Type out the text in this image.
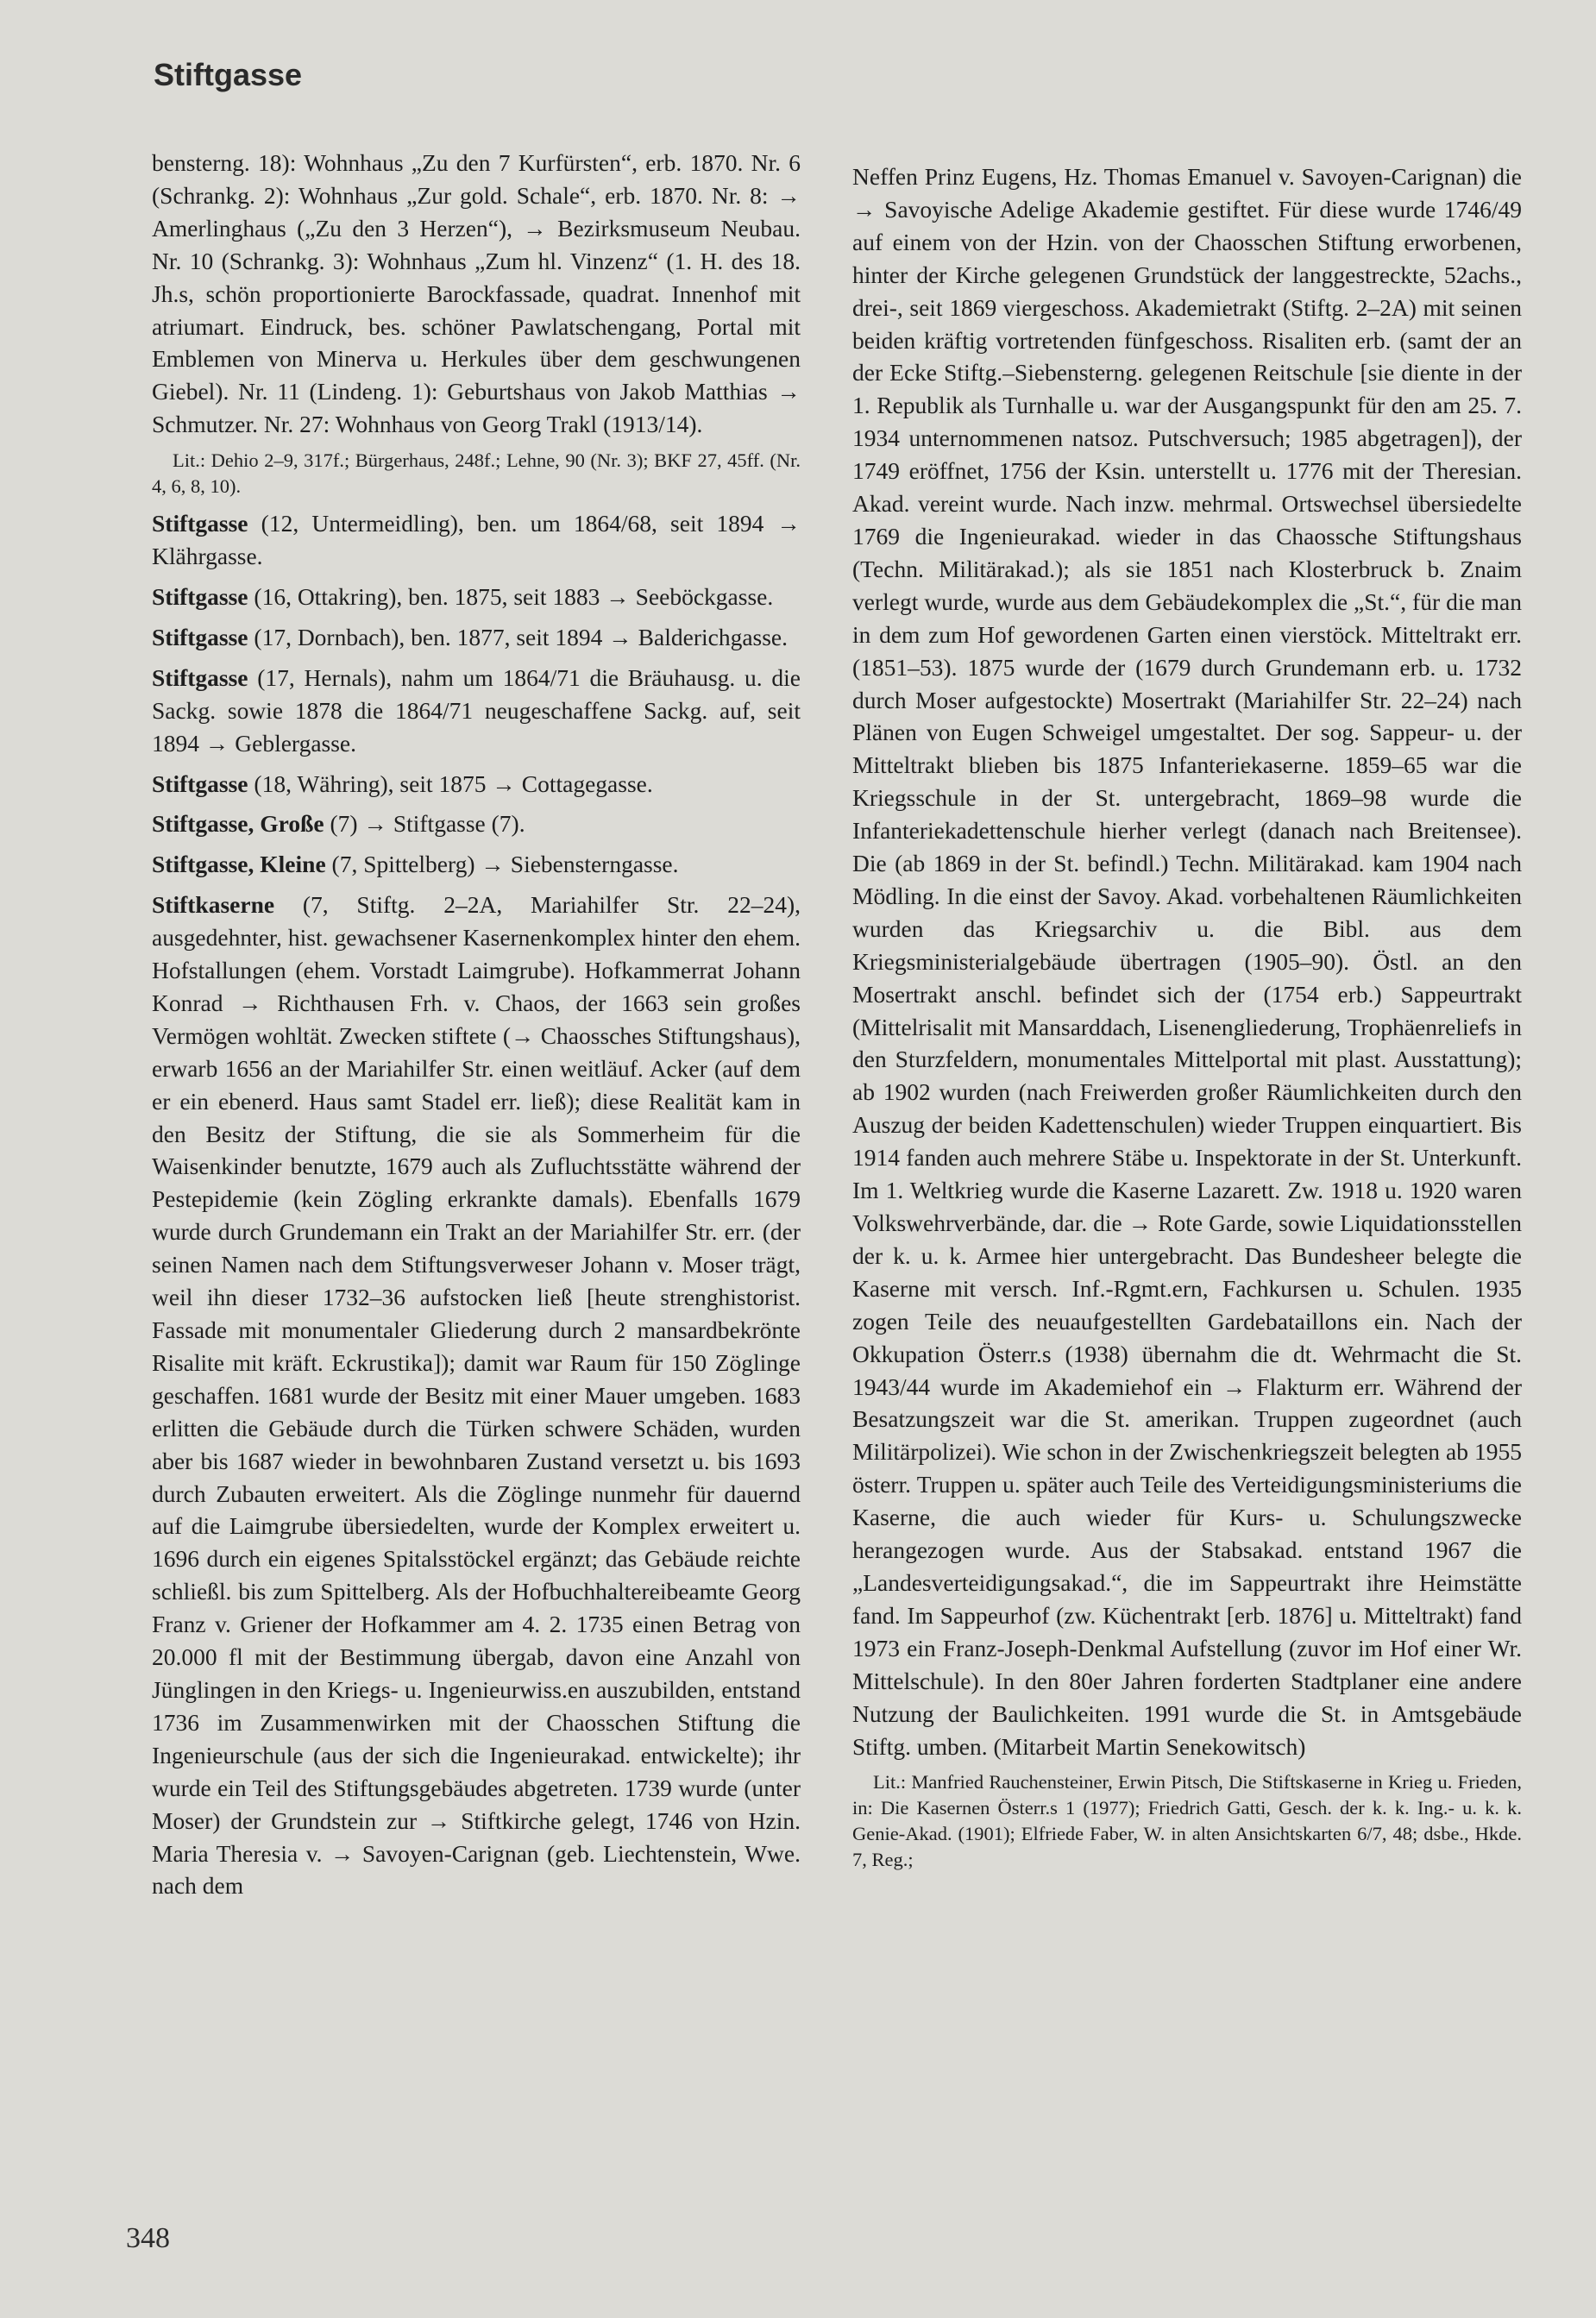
Stiftgasse

bensterng. 18): Wohnhaus „Zu den 7 Kurfürsten“, erb. 1870. Nr. 6 (Schrankg. 2): Wohnhaus „Zur gold. Schale“, erb. 1870. Nr. 8: → Amerlinghaus („Zu den 3 Herzen“), → Bezirksmuseum Neubau. Nr. 10 (Schrankg. 3): Wohnhaus „Zum hl. Vinzenz“ (1. H. des 18. Jh.s, schön proportionierte Barockfassade, quadrat. Innenhof mit atriumart. Eindruck, bes. schöner Pawlatschengang, Portal mit Emblemen von Minerva u. Herkules über dem geschwungenen Giebel). Nr. 11 (Lindeng. 1): Geburtshaus von Jakob Matthias → Schmutzer. Nr. 27: Wohnhaus von Georg Trakl (1913/14).

Lit.: Dehio 2–9, 317f.; Bürgerhaus, 248f.; Lehne, 90 (Nr. 3); BKF 27, 45ff. (Nr. 4, 6, 8, 10).

Stiftgasse (12, Untermeidling), ben. um 1864/68, seit 1894 → Klährgasse.

Stiftgasse (16, Ottakring), ben. 1875, seit 1883 → Seeböckgasse.

Stiftgasse (17, Dornbach), ben. 1877, seit 1894 → Balderichgasse.

Stiftgasse (17, Hernals), nahm um 1864/71 die Bräuhausg. u. die Sackg. sowie 1878 die 1864/71 neugeschaffene Sackg. auf, seit 1894 → Geblergasse.

Stiftgasse (18, Währing), seit 1875 → Cottagegasse.

Stiftgasse, Große (7) → Stiftgasse (7).

Stiftgasse, Kleine (7, Spittelberg) → Siebensterngasse.

Stiftkaserne (7, Stiftg. 2–2A, Mariahilfer Str. 22–24), ausgedehnter, hist. gewachsener Kasernenkomplex hinter den ehem. Hofstallungen (ehem. Vorstadt Laimgrube). Hofkammerrat Johann Konrad → Richthausen Frh. v. Chaos, der 1663 sein großes Vermögen wohltät. Zwecken stiftete (→ Chaossches Stiftungshaus), erwarb 1656 an der Mariahilfer Str. einen weitläuf. Acker (auf dem er ein ebenerd. Haus samt Stadel err. ließ); diese Realität kam in den Besitz der Stiftung, die sie als Sommerheim für die Waisenkinder benutzte, 1679 auch als Zufluchtsstätte während der Pestepidemie (kein Zögling erkrankte damals). Ebenfalls 1679 wurde durch Grundemann ein Trakt an der Mariahilfer Str. err. (der seinen Namen nach dem Stiftungsverweser Johann v. Moser trägt, weil ihn dieser 1732–36 aufstocken ließ [heute strenghistorist. Fassade mit monumentaler Gliederung durch 2 mansardbekrönte Risalite mit kräft. Eckrustika]); damit war Raum für 150 Zöglinge geschaffen. 1681 wurde der Besitz mit einer Mauer umgeben. 1683 erlitten die Gebäude durch die Türken schwere Schäden, wurden aber bis 1687 wieder in bewohnbaren Zustand versetzt u. bis 1693 durch Zubauten erweitert. Als die Zöglinge nunmehr für dauernd auf die Laimgrube übersiedelten, wurde der Komplex erweitert u. 1696 durch ein eigenes Spitalsstöckel ergänzt; das Gebäude reichte schließl. bis zum Spittelberg. Als der Hofbuchhaltereibeamte Georg Franz v. Griener der Hofkammer am 4. 2. 1735 einen Betrag von 20.000 fl mit der Bestimmung übergab, davon eine Anzahl von Jünglingen in den Kriegs- u. Ingenieurwiss.en auszubilden, entstand 1736 im Zusammenwirken mit der Chaosschen Stiftung die Ingenieurschule (aus der sich die Ingenieurakad. entwickelte); ihr wurde ein Teil des Stiftungsgebäudes abgetreten. 1739 wurde (unter Moser) der Grundstein zur → Stiftkirche gelegt, 1746 von Hzin. Maria Theresia v. → Savoyen-Carignan (geb. Liechtenstein, Wwe. nach dem

Neffen Prinz Eugens, Hz. Thomas Emanuel v. Savoyen-Carignan) die → Savoyische Adelige Akademie gestiftet. Für diese wurde 1746/49 auf einem von der Hzin. von der Chaosschen Stiftung erworbenen, hinter der Kirche gelegenen Grundstück der langgestreckte, 52achs., drei-, seit 1869 viergeschoss. Akademietrakt (Stiftg. 2–2A) mit seinen beiden kräftig vortretenden fünfgeschoss. Risaliten erb. (samt der an der Ecke Stiftg.–Siebensterng. gelegenen Reitschule [sie diente in der 1. Republik als Turnhalle u. war der Ausgangspunkt für den am 25. 7. 1934 unternommenen natsoz. Putschversuch; 1985 abgetragen]), der 1749 eröffnet, 1756 der Ksin. unterstellt u. 1776 mit der Theresian. Akad. vereint wurde. Nach inzw. mehrmal. Ortswechsel übersiedelte 1769 die Ingenieurakad. wieder in das Chaossche Stiftungshaus (Techn. Militärakad.); als sie 1851 nach Klosterbruck b. Znaim verlegt wurde, wurde aus dem Gebäudekomplex die „St.“, für die man in dem zum Hof gewordenen Garten einen vierstöck. Mitteltrakt err. (1851–53). 1875 wurde der (1679 durch Grundemann erb. u. 1732 durch Moser aufgestockte) Mosertrakt (Mariahilfer Str. 22–24) nach Plänen von Eugen Schweigel umgestaltet. Der sog. Sappeur- u. der Mitteltrakt blieben bis 1875 Infanteriekaserne. 1859–65 war die Kriegsschule in der St. untergebracht, 1869–98 wurde die Infanteriekadettenschule hierher verlegt (danach nach Breitensee). Die (ab 1869 in der St. befindl.) Techn. Militärakad. kam 1904 nach Mödling. In die einst der Savoy. Akad. vorbehaltenen Räumlichkeiten wurden das Kriegsarchiv u. die Bibl. aus dem Kriegsministerialgebäude übertragen (1905–90). Östl. an den Mosertrakt anschl. befindet sich der (1754 erb.) Sappeurtrakt (Mittelrisalit mit Mansarddach, Lisenengliederung, Trophäenreliefs in den Sturzfeldern, monumentales Mittelportal mit plast. Ausstattung); ab 1902 wurden (nach Freiwerden großer Räumlichkeiten durch den Auszug der beiden Kadettenschulen) wieder Truppen einquartiert. Bis 1914 fanden auch mehrere Stäbe u. Inspektorate in der St. Unterkunft. Im 1. Weltkrieg wurde die Kaserne Lazarett. Zw. 1918 u. 1920 waren Volkswehrverbände, dar. die → Rote Garde, sowie Liquidationsstellen der k. u. k. Armee hier untergebracht. Das Bundesheer belegte die Kaserne mit versch. Inf.-Rgmt.ern, Fachkursen u. Schulen. 1935 zogen Teile des neuaufgestellten Gardebataillons ein. Nach der Okkupation Österr.s (1938) übernahm die dt. Wehrmacht die St. 1943/44 wurde im Akademiehof ein → Flakturm err. Während der Besatzungszeit war die St. amerikan. Truppen zugeordnet (auch Militärpolizei). Wie schon in der Zwischenkriegszeit belegten ab 1955 österr. Truppen u. später auch Teile des Verteidigungsministeriums die Kaserne, die auch wieder für Kurs- u. Schulungszwecke herangezogen wurde. Aus der Stabsakad. entstand 1967 die „Landesverteidigungsakad.“, die im Sappeurtrakt ihre Heimstätte fand. Im Sappeurhof (zw. Küchentrakt [erb. 1876] u. Mitteltrakt) fand 1973 ein Franz-Joseph-Denkmal Aufstellung (zuvor im Hof einer Wr. Mittelschule). In den 80er Jahren forderten Stadtplaner eine andere Nutzung der Baulichkeiten. 1991 wurde die St. in Amtsgebäude Stiftg. umben. (Mitarbeit Martin Senekowitsch)

Lit.: Manfried Rauchensteiner, Erwin Pitsch, Die Stiftskaserne in Krieg u. Frieden, in: Die Kasernen Österr.s 1 (1977); Friedrich Gatti, Gesch. der k. k. Ing.- u. k. k. Genie-Akad. (1901); Elfriede Faber, W. in alten Ansichtskarten 6/7, 48; dsbe., Hkde. 7, Reg.;

348
